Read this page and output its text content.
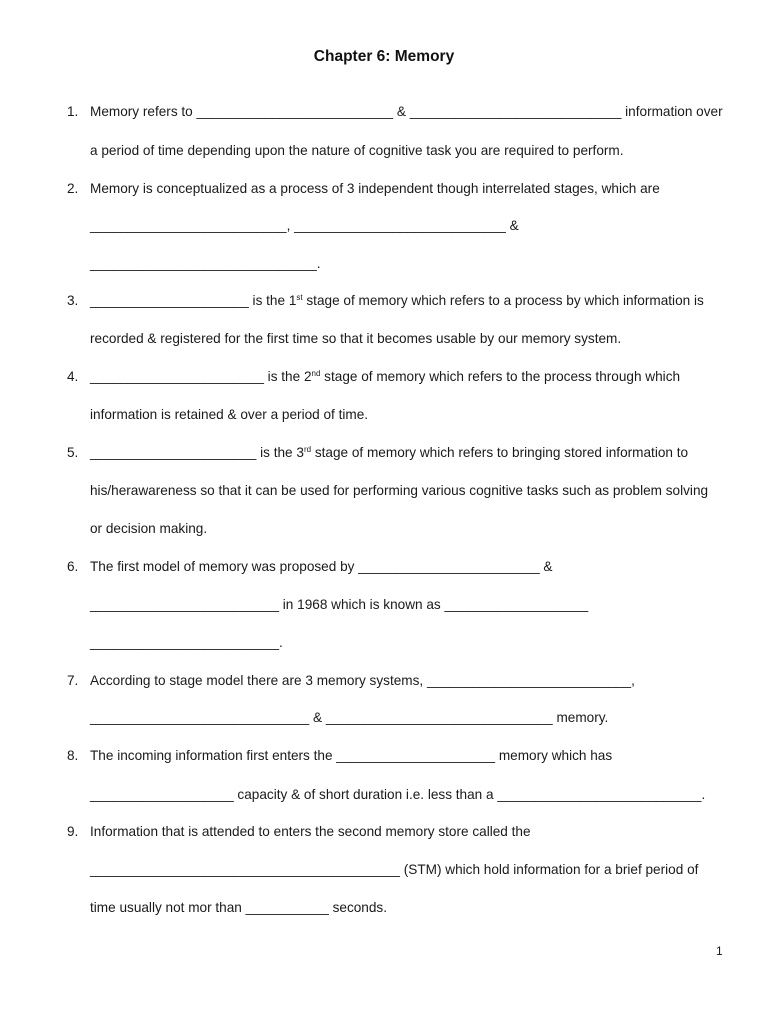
Chapter 6: Memory
1. Memory refers to __________________________ & ____________________________ information over
a period of time depending upon the nature of cognitive task you are required to perform.
2. Memory is conceptualized as a process of 3 independent though interrelated stages, which are
__________________________, ____________________________ &
______________________________.
3. _____________________ is the 1st stage of memory which refers to a process by which information is
recorded & registered for the first time so that it becomes usable by our memory system.
4. _______________________ is the 2nd stage of memory which refers to the process through which
information is retained & over a period of time.
5. ______________________ is the 3rd stage of memory which refers to bringing stored information to
his/herawareness so that it can be used for performing various cognitive tasks such as problem solving
or decision making.
6. The first model of memory was proposed by ________________________ &
_________________________ in 1968 which is known as ___________________
_________________________.
7. According to stage model there are 3 memory systems, ___________________________,
_____________________________ & ______________________________ memory.
8. The incoming information first enters the _____________________ memory which has
___________________ capacity & of short duration i.e. less than a ___________________________.
9. Information that is attended to enters the second memory store called the
_________________________________________ (STM) which hold information for a brief period of
time usually not mor than ___________ seconds.
1
